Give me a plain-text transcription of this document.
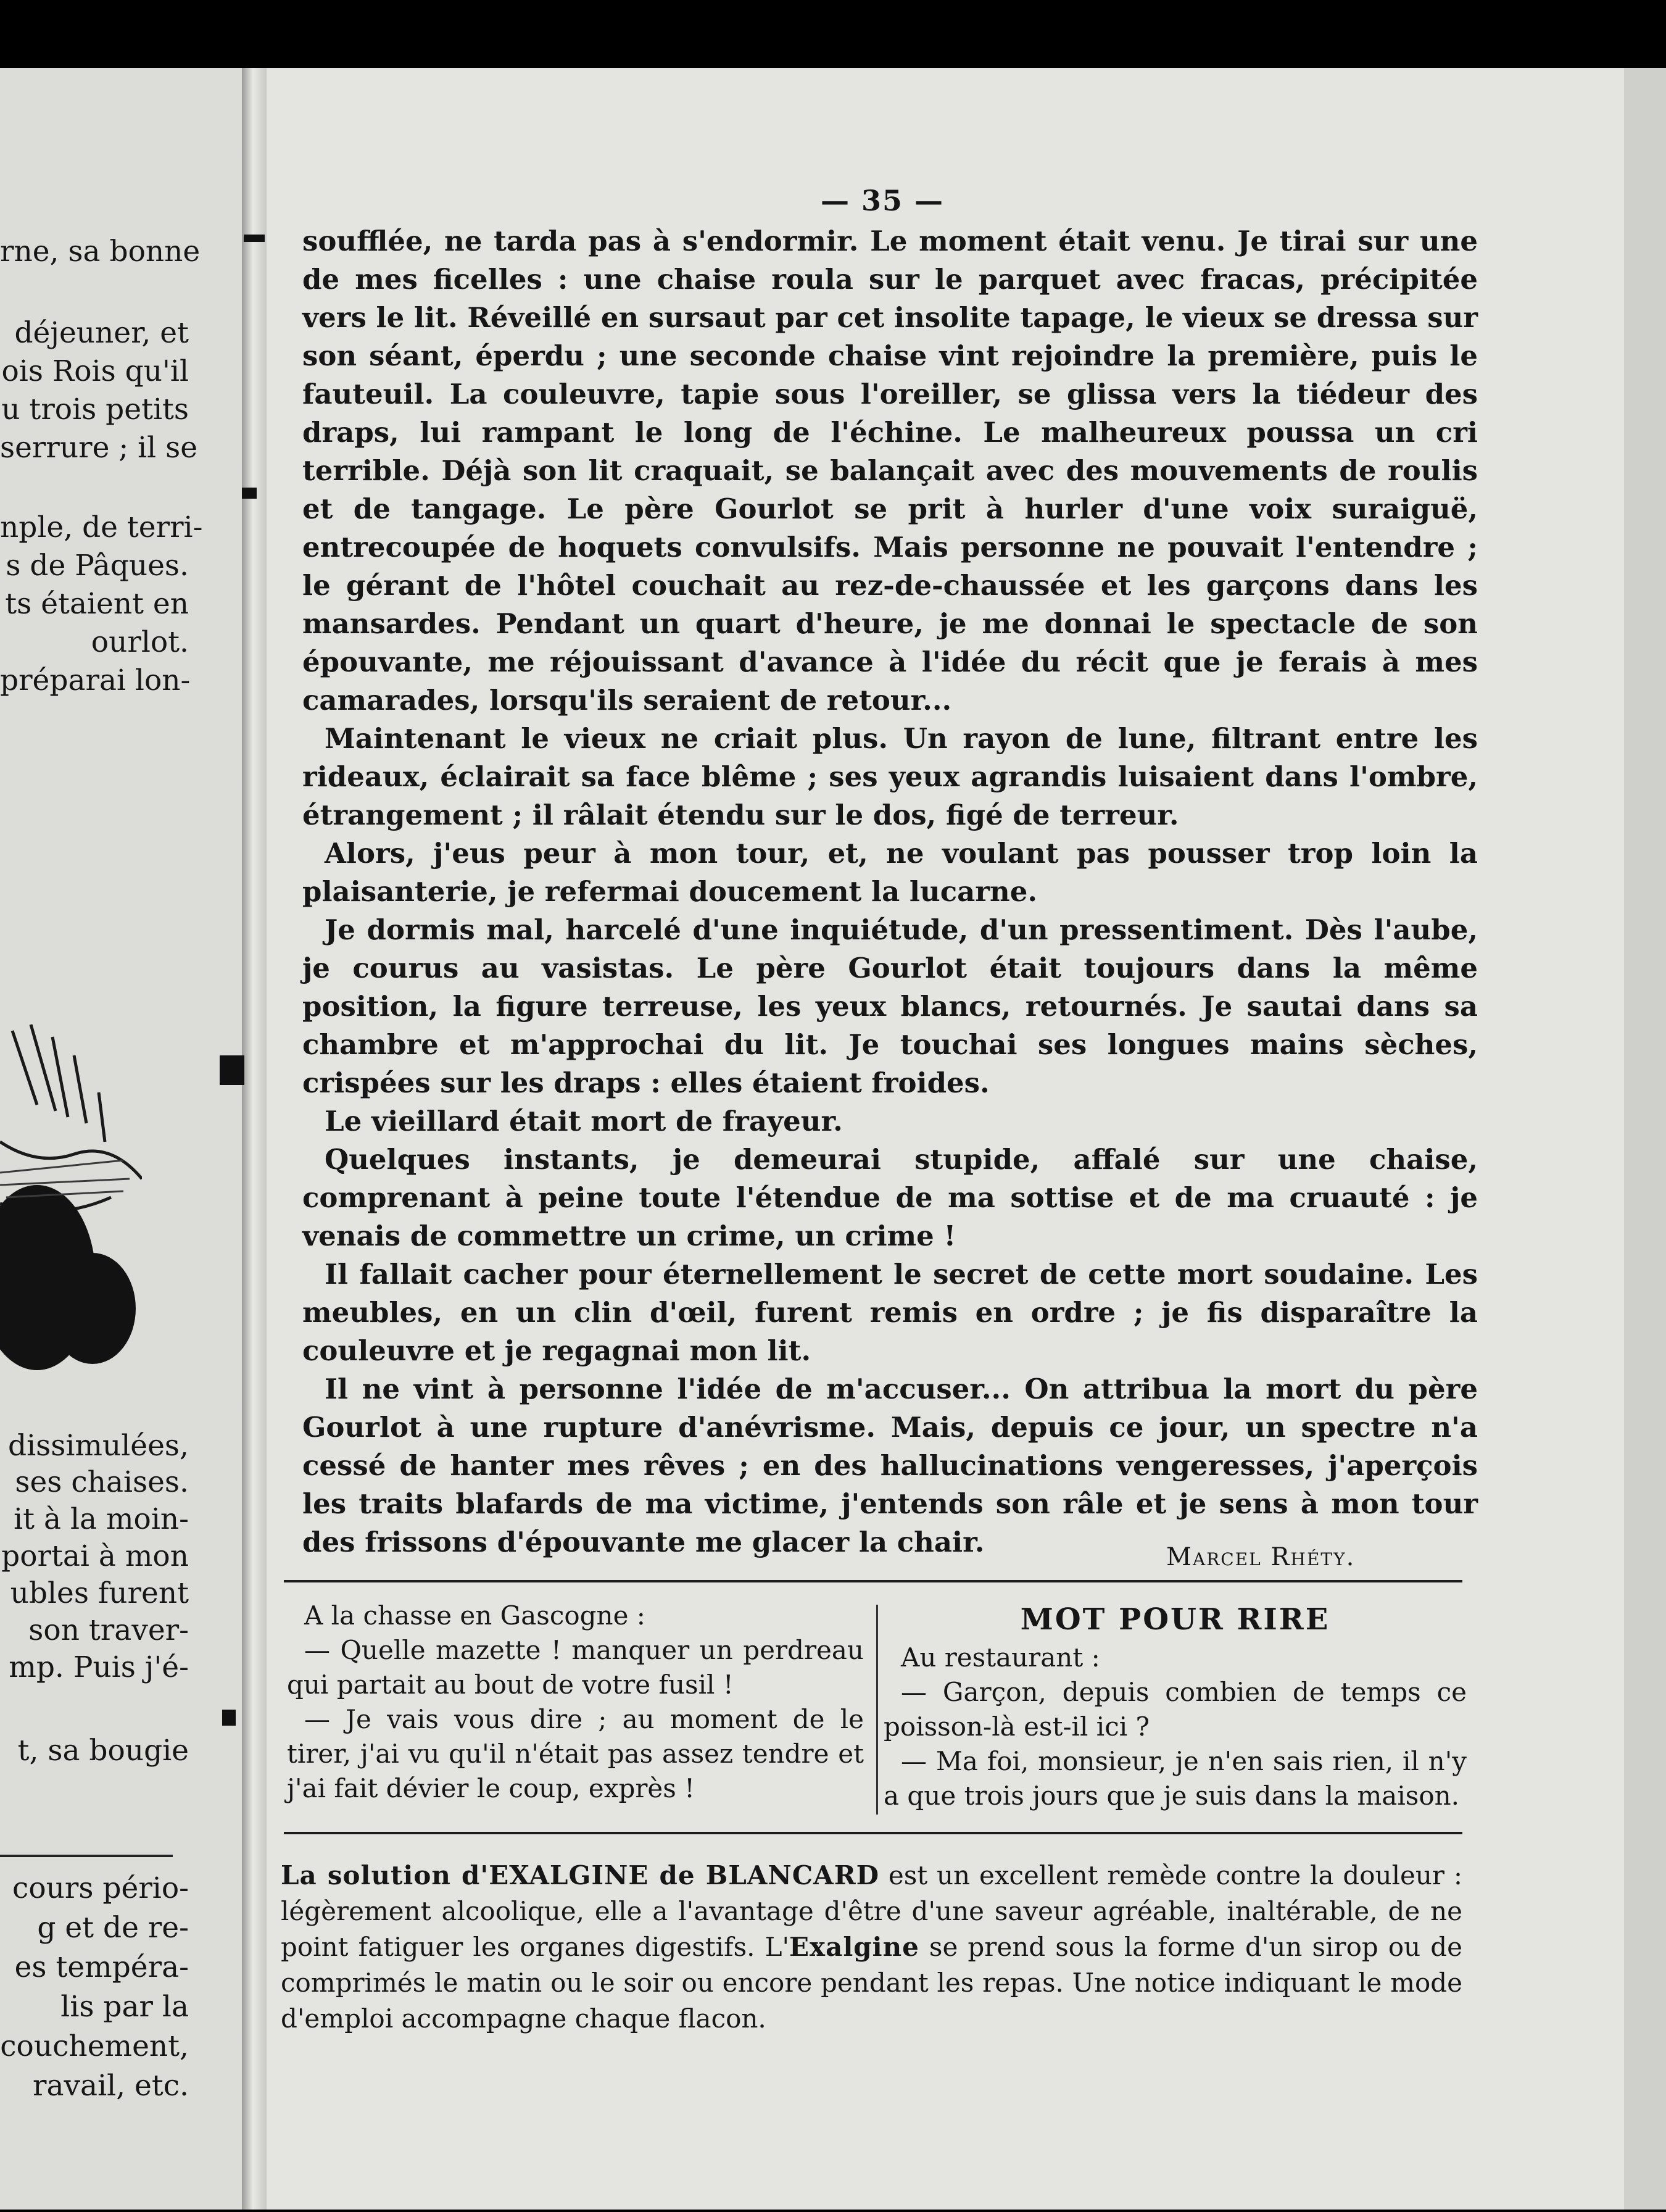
rne, sa bonne
déjeuner, et
ois Rois qu'il
u trois petits
serrure ; il se
nple, de terri-
s de Pâques.
ts étaient en
ourlot.
préparai lon-
dissimulées,
ses chaises.
it à la moin-
portai à mon
ubles furent
son traver-
mp. Puis j'é-
t, sa bougie
cours pério-
g et de re-
es tempéra-
lis par la
couchement,
ravail, etc.
— 35 —

soufflée, ne tarda pas à s'endormir. Le moment était venu. Je tirai sur une de mes ficelles : une chaise roula sur le parquet avec fracas, précipitée vers le lit. Réveillé en sursaut par cet insolite tapage, le vieux se dressa sur son séant, éperdu ; une seconde chaise vint rejoindre la première, puis le fauteuil. La couleuvre, tapie sous l'oreiller, se glissa vers la tiédeur des draps, lui rampant le long de l'échine. Le malheureux poussa un cri terrible. Déjà son lit craquait, se balançait avec des mouvements de roulis et de tangage. Le père Gourlot se prit à hurler d'une voix suraiguë, entrecoupée de hoquets convulsifs. Mais personne ne pouvait l'entendre ; le gérant de l'hôtel couchait au rez-de-chaussée et les garçons dans les mansardes. Pendant un quart d'heure, je me donnai le spectacle de son épouvante, me réjouissant d'avance à l'idée du récit que je ferais à mes camarades, lorsqu'ils seraient de retour...

Maintenant le vieux ne criait plus. Un rayon de lune, filtrant entre les rideaux, éclairait sa face blême ; ses yeux agrandis luisaient dans l'ombre, étrangement ; il râlait étendu sur le dos, figé de terreur.

Alors, j'eus peur à mon tour, et, ne voulant pas pousser trop loin la plaisanterie, je refermai doucement la lucarne.

Je dormis mal, harcelé d'une inquiétude, d'un pressentiment. Dès l'aube, je courus au vasistas. Le père Gourlot était toujours dans la même position, la figure terreuse, les yeux blancs, retournés. Je sautai dans sa chambre et m'approchai du lit. Je touchai ses longues mains sèches, crispées sur les draps : elles étaient froides.

Le vieillard était mort de frayeur.

Quelques instants, je demeurai stupide, affalé sur une chaise, comprenant à peine toute l'étendue de ma sottise et de ma cruauté : je venais de commettre un crime, un crime !

Il fallait cacher pour éternellement le secret de cette mort soudaine. Les meubles, en un clin d'œil, furent remis en ordre ; je fis disparaître la couleuvre et je regagnai mon lit.

Il ne vint à personne l'idée de m'accuser... On attribua la mort du père Gourlot à une rupture d'anévrisme. Mais, depuis ce jour, un spectre n'a cessé de hanter mes rêves ; en des hallucinations vengeresses, j'aperçois les traits blafards de ma victime, j'entends son râle et je sens à mon tour des frissons d'épouvante me glacer la chair.	Marcel Rhéty.

A la chasse en Gascogne :

— Quelle mazette ! manquer un perdreau qui partait au bout de votre fusil !

— Je vais vous dire ; au moment de le tirer, j'ai vu qu'il n'était pas assez tendre et j'ai fait dévier le coup, exprès !

MOT POUR RIRE

Au restaurant :

— Garçon, depuis combien de temps ce poisson-là est-il ici ?

— Ma foi, monsieur, je n'en sais rien, il n'y a que trois jours que je suis dans la maison.

La solution d'EXALGINE de BLANCARD est un excellent remède contre la douleur : légèrement alcoolique, elle a l'avantage d'être d'une saveur agréable, inaltérable, de ne point fatiguer les organes digestifs. L'Exalgine se prend sous la forme d'un sirop ou de comprimés le matin ou le soir ou encore pendant les repas. Une notice indiquant le mode d'emploi accompagne chaque flacon.
